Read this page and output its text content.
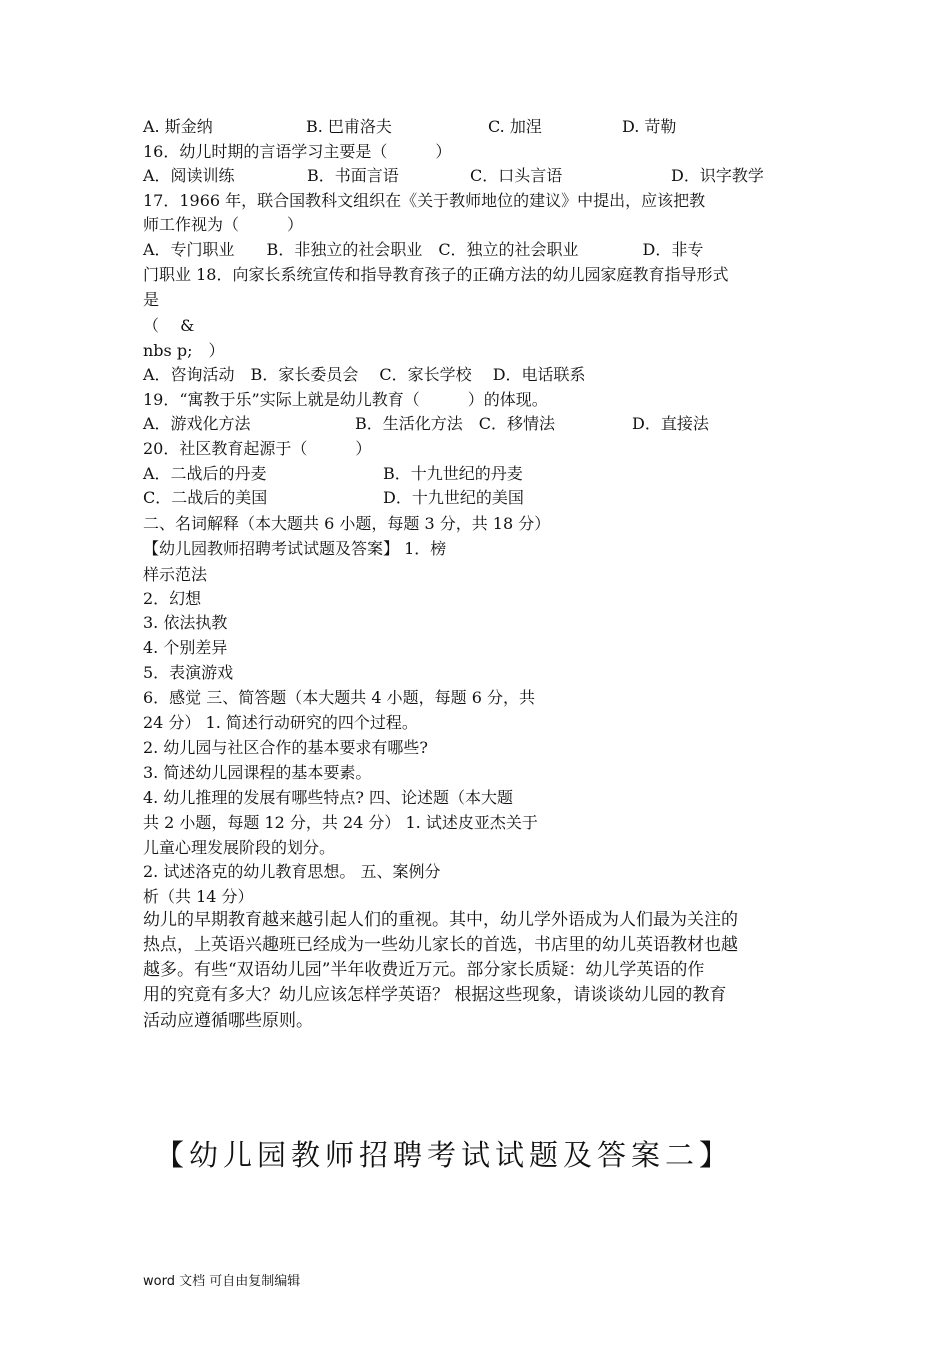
A. 斯金纳	B. 巴甫洛夫	C. 加涅	D. 苛勒
16．幼儿时期的言语学习主要是（　　　）
A．阅读训练	B．书面言语	C．口头言语	D．识字教学
17．1966 年，联合国教科文组织在《关于教师地位的建议》中提出，应该把教
师工作视为（　　　）
A．专门职业　　B．非独立的社会职业　C．独立的社会职业　　　　D．非专
门职业 18．向家长系统宣传和指导教育孩子的正确方法的幼儿园家庭教育指导形式
是
（　 &
nbs p;　）
A．咨询活动　B．家长委员会　 C．家长学校　 D．电话联系
19．“寓教于乐”实际上就是幼儿教育（　　　）的体现。
A．游戏化方法	B．生活化方法　C．移情法	D．直接法
20．社区教育起源于（　　　）
A．二战后的丹麦	B．十九世纪的丹麦
C．二战后的美国	D．十九世纪的美国
二、名词解释（本大题共 6 小题，每题 3 分，共 18 分）
【幼儿园教师招聘考试试题及答案】 1．榜
样示范法
2．幻想
3. 依法执教
4. 个别差异
5．表演游戏
6．感觉 三、简答题（本大题共 4 小题，每题 6 分，共
24 分） 1. 简述行动研究的四个过程。
2. 幼儿园与社区合作的基本要求有哪些?
3. 简述幼儿园课程的基本要素。
4. 幼儿推理的发展有哪些特点? 四、论述题（本大题
共 2 小题，每题 12 分，共 24 分） 1. 试述皮亚杰关于
儿童心理发展阶段的划分。
2. 试述洛克的幼儿教育思想。 五、案例分
析（共 14 分）
幼儿的早期教育越来越引起人们的重视。其中，幼儿学外语成为人们最为关注的
热点，上英语兴趣班已经成为一些幼儿家长的首选，书店里的幼儿英语教材也越
越多。有些“双语幼儿园”半年收费近万元。部分家长质疑：幼儿学英语的作
用的究竟有多大？幼儿应该怎样学英语？ 根据这些现象，请谈谈幼儿园的教育
活动应遵循哪些原则。
【幼儿园教师招聘考试试题及答案二】
word 文档 可自由复制编辑
